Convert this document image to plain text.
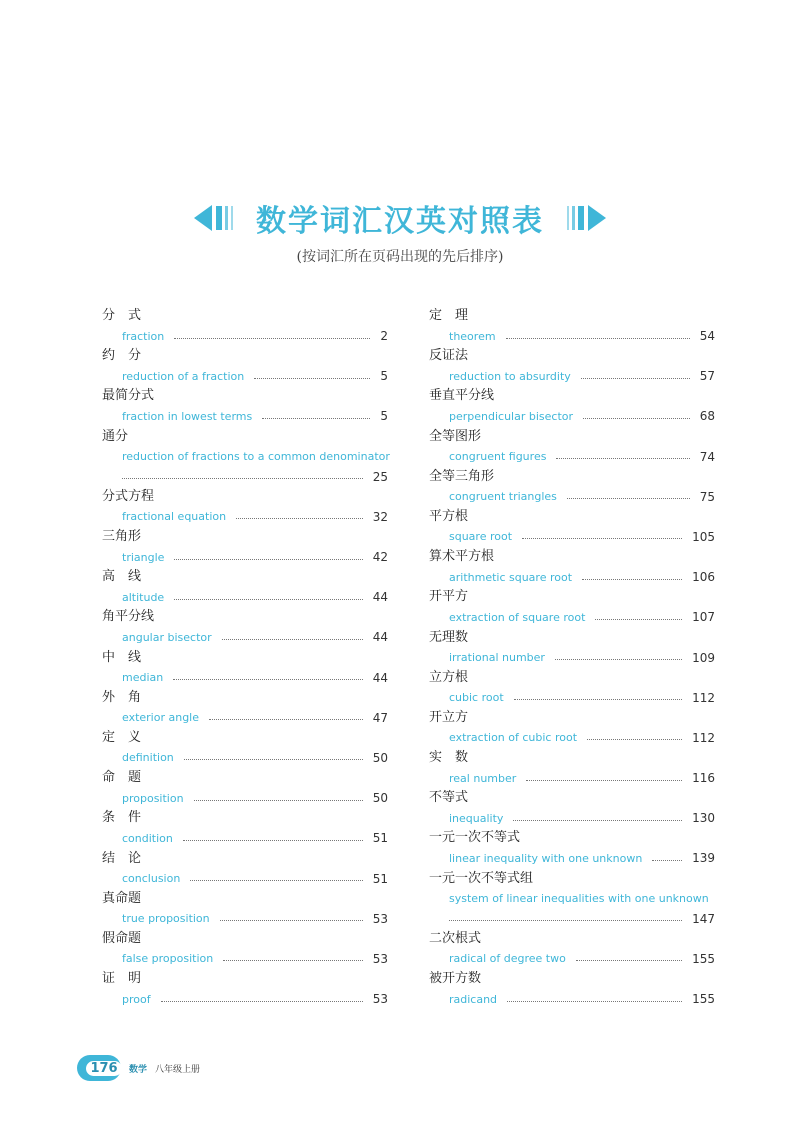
数学词汇汉英对照表
(按词汇所在页码出现的先后排序)
分　式
fraction	2
约　分
reduction of a fraction	5
最简分式
fraction in lowest terms	5
通分
reduction of fractions to a common denominator
25
分式方程
fractional equation	32
三角形
triangle	42
高　线
altitude	44
角平分线
angular bisector	44
中　线
median	44
外　角
exterior angle	47
定　义
definition	50
命　题
proposition	50
条　件
condition	51
结　论
conclusion	51
真命题
true proposition	53
假命题
false proposition	53
证　明
proof	53
定　理
theorem	54
反证法
reduction to absurdity	57
垂直平分线
perpendicular bisector	68
全等图形
congruent figures	74
全等三角形
congruent triangles	75
平方根
square root	105
算术平方根
arithmetic square root	106
开平方
extraction of square root	107
无理数
irrational number	109
立方根
cubic root	112
开立方
extraction of cubic root	112
实　数
real number	116
不等式
inequality	130
一元一次不等式
linear inequality with one unknown	139
一元一次不等式组
system of linear inequalities with one unknown
147
二次根式
radical of degree two	155
被开方数
radicand	155
176	数学 八年级上册
